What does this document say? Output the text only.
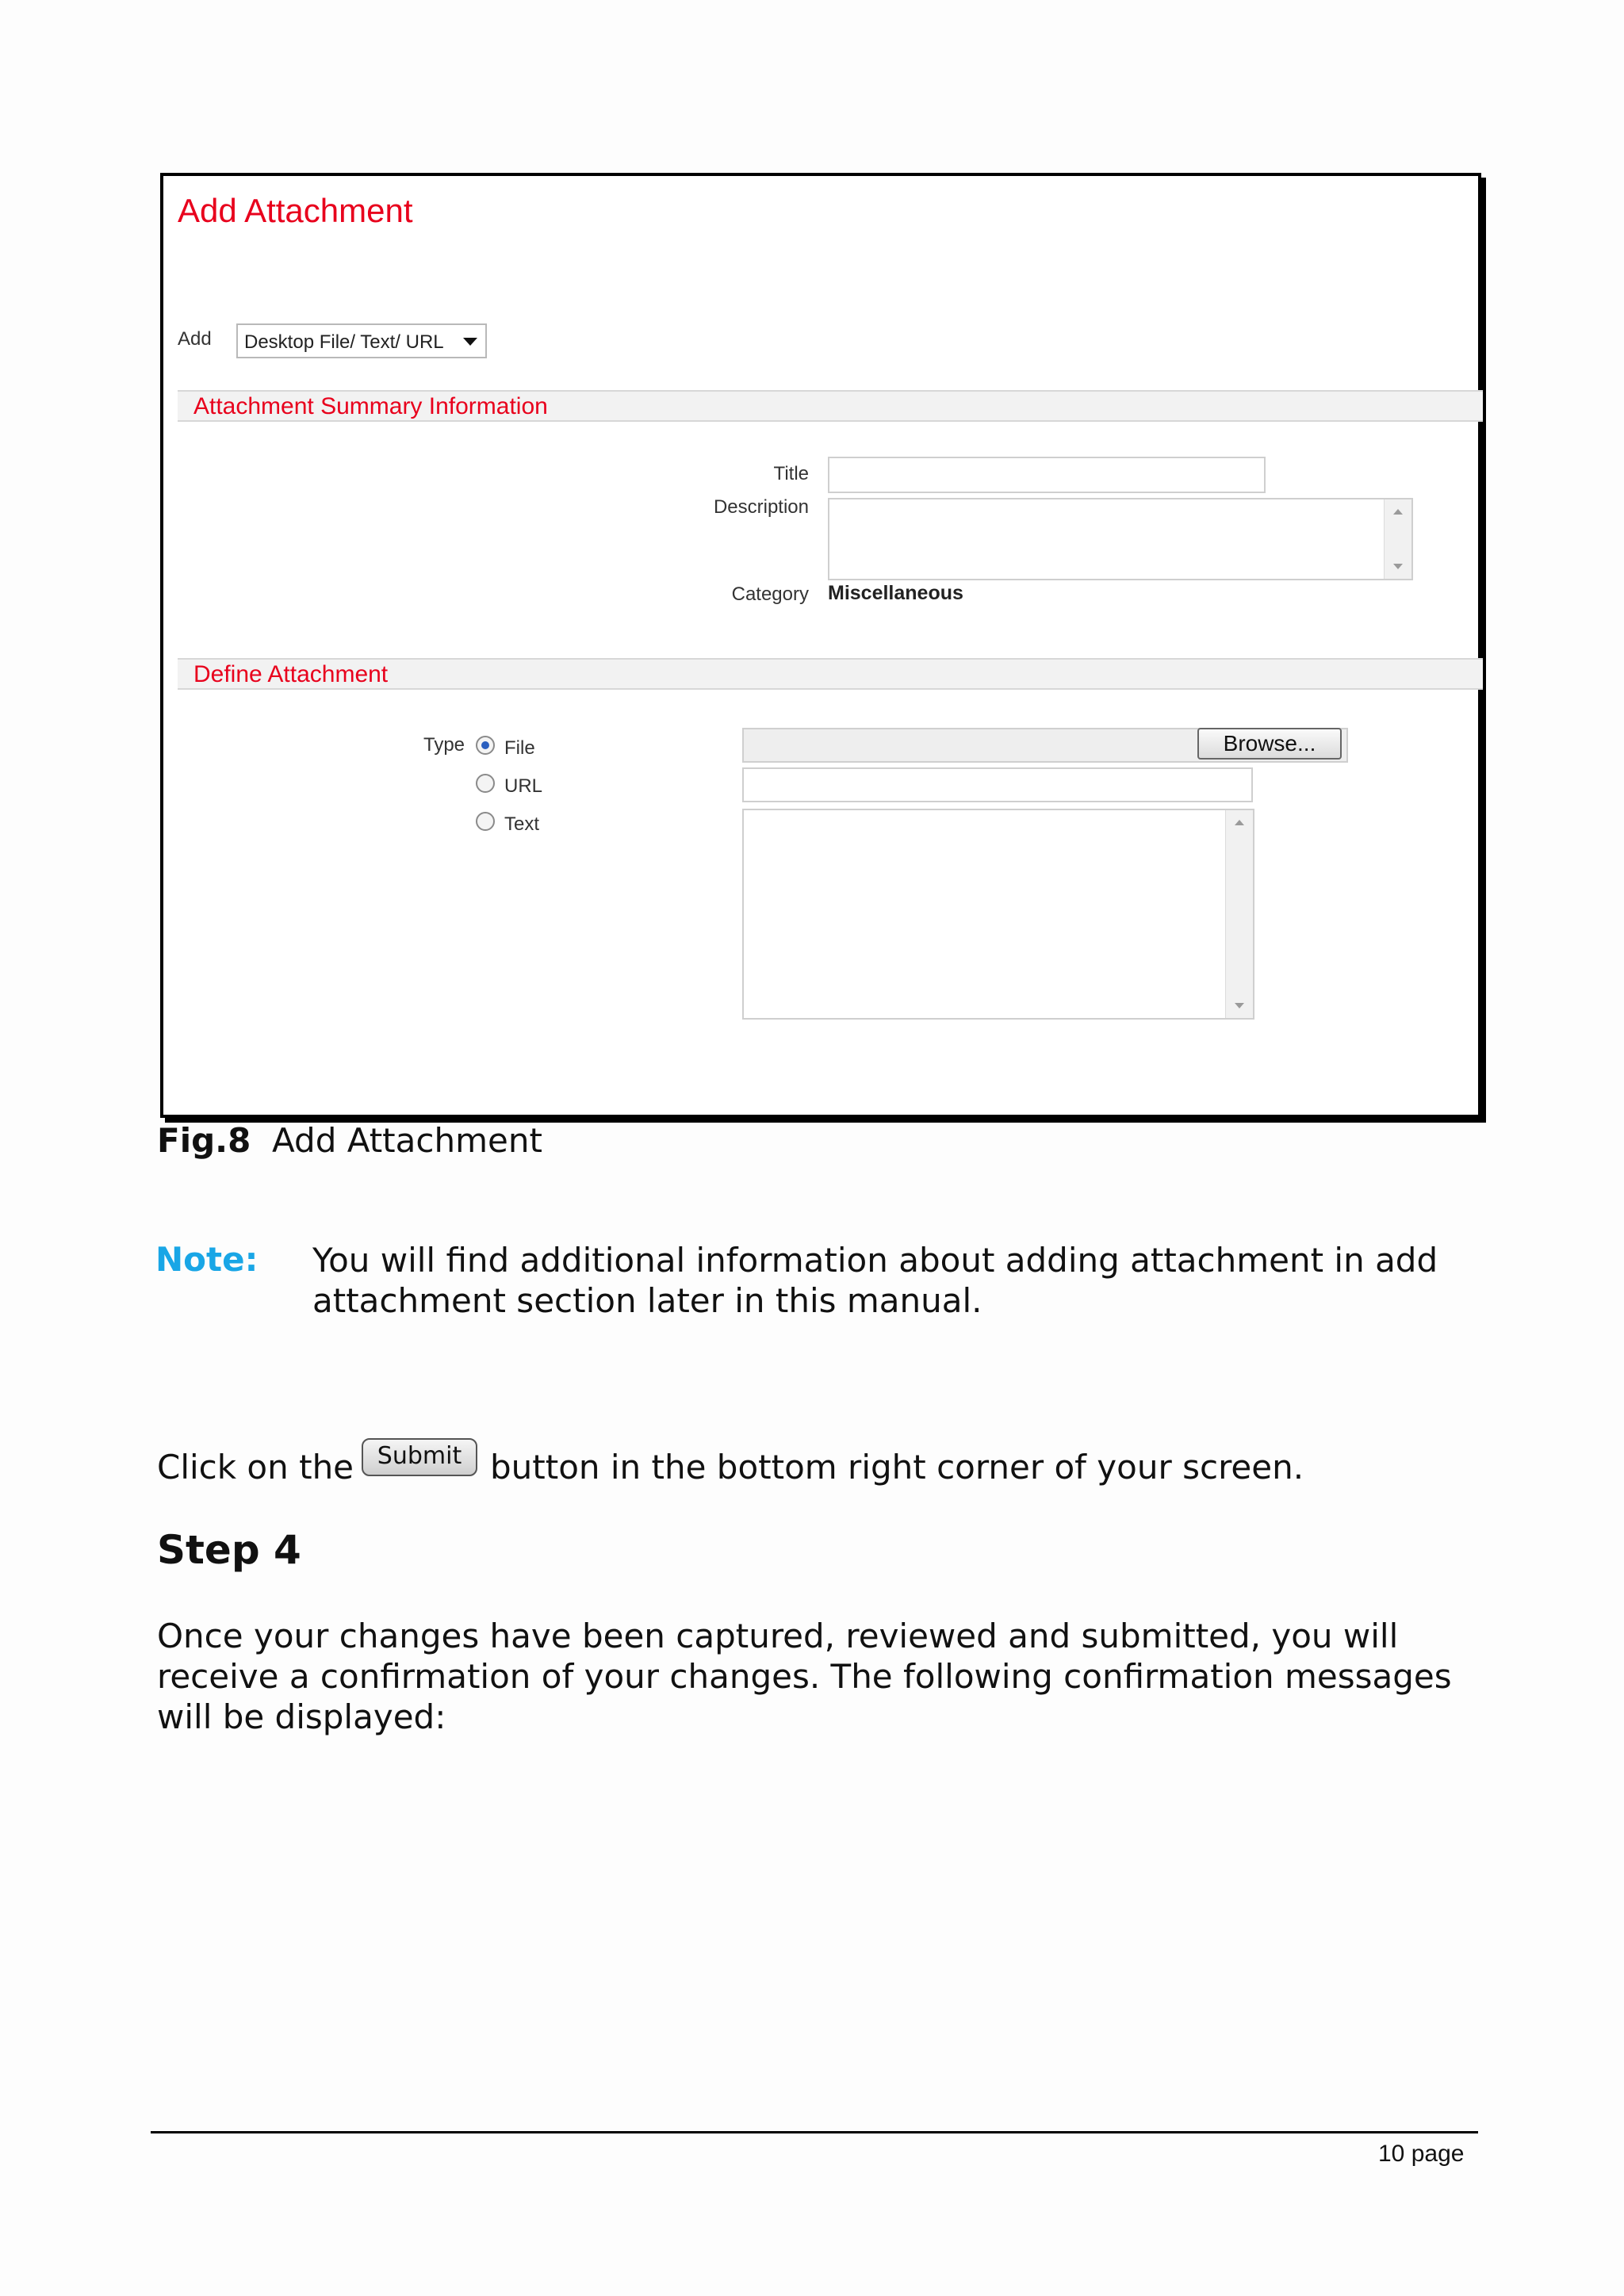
Add Attachment
Add	Desktop File/ Text/ URL
Attachment Summary Information
Title
Description
Category Miscellaneous
Define Attachment
Type File
URL
Text
Browse...
Fig.8 Add Attachment
Note: You will find additional information about adding attachment in add attachment section later in this manual.
Click on the Submit button in the bottom right corner of your screen.
Step 4
Once your changes have been captured, reviewed and submitted, you will receive a confirmation of your changes. The following confirmation messages will be displayed:
10 page
